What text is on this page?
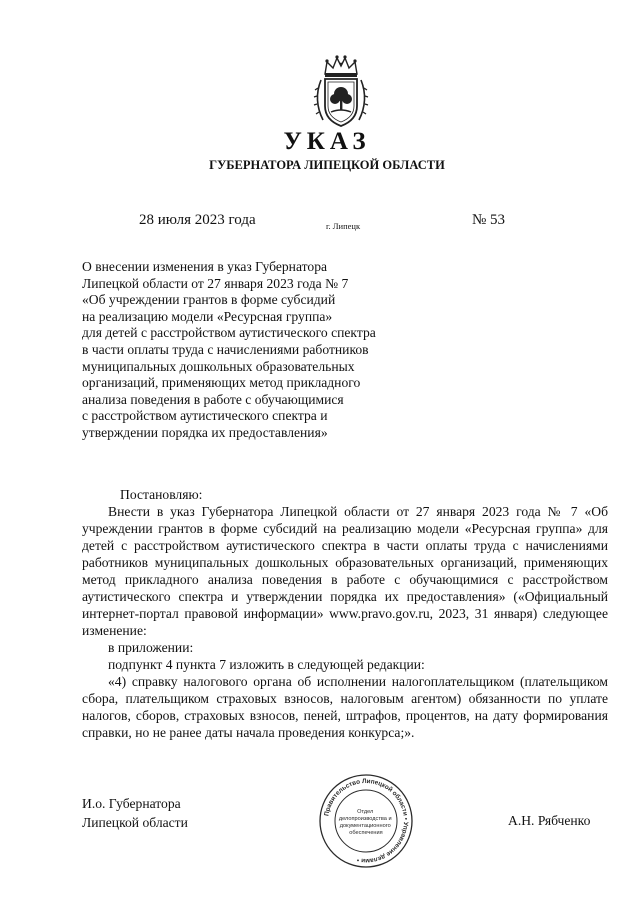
УКАЗ
ГУБЕРНАТОРА ЛИПЕЦКОЙ ОБЛАСТИ
28 июля 2023 года	г. Липецк	№ 53
О внесении изменения в указ Губернатора
Липецкой области от 27 января 2023 года № 7
«Об учреждении грантов в форме субсидий
на реализацию модели «Ресурсная группа»
для детей с расстройством аутистического спектра
в части оплаты труда с начислениями работников
муниципальных дошкольных образовательных
организаций, применяющих метод прикладного
анализа поведения в работе с обучающимися
с расстройством аутистического спектра и
утверждении порядка их предоставления»

Постановляю:

Внести в указ Губернатора Липецкой области от 27 января 2023 года № 7 «Об учреждении грантов в форме субсидий на реализацию модели «Ресурсная группа» для детей с расстройством аутистического спектра в части оплаты труда с начислениями работников муниципальных дошкольных образовательных организаций, применяющих метод прикладного анализа поведения в работе с обучающимися с расстройством аутистического спектра и утверждении порядка их предоставления» («Официальный интернет-портал правовой информации» www.pravo.gov.ru, 2023, 31 января) следующее изменение:

в приложении:

подпункт 4 пункта 7 изложить в следующей редакции:

«4) справку налогового органа об исполнении налогоплательщиком (плательщиком сбора, плательщиком страховых взносов, налоговым агентом) обязанности по уплате налогов, сборов, страховых взносов, пеней, штрафов, процентов, на дату формирования справки, но не ранее даты начала проведения конкурса;».

И.о. Губернатора
Липецкой области	А.Н. Рябченко
Правительство Липецкой области • Управление делами •
Отдел делопроизводства и документационного обеспечения
